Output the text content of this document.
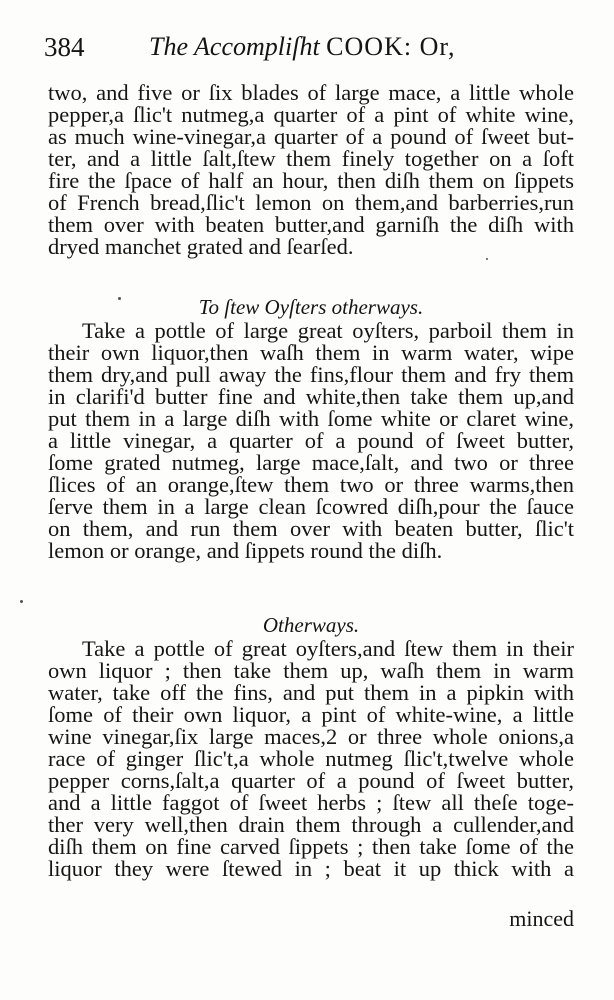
384 The Accompliſht COOK: Or,
two, and five or ſix blades of large mace, a little whole
pepper,a ſlic't nutmeg,a quarter of a pint of white wine,
as much wine-vinegar,a quarter of a pound of ſweet but-
ter, and a little ſalt,ſtew them finely together on a ſoft
fire the ſpace of half an hour, then diſh them on ſippets
of French bread,ſlic't lemon on them,and barberries,run
them over with beaten butter,and garniſh the diſh with
dryed manchet grated and ſearſed.
To ſtew Oyſters otherways.
Take a pottle of large great oyſters, parboil them in
their own liquor,then waſh them in warm water, wipe
them dry,and pull away the fins,flour them and fry them
in clarifi'd butter fine and white,then take them up,and
put them in a large diſh with ſome white or claret wine,
a little vinegar, a quarter of a pound of ſweet butter,
ſome grated nutmeg, large mace,ſalt, and two or three
ſlices of an orange,ſtew them two or three warms,then
ſerve them in a large clean ſcowred diſh,pour the ſauce
on them, and run them over with beaten butter, ſlic't
lemon or orange, and ſippets round the diſh.
Otherways.
Take a pottle of great oyſters,and ſtew them in their
own liquor ; then take them up, waſh them in warm
water, take off the fins, and put them in a pipkin with
ſome of their own liquor, a pint of white-wine, a little
wine vinegar,ſix large maces,2 or three whole onions,a
race of ginger ſlic't,a whole nutmeg ſlic't,twelve whole
pepper corns,ſalt,a quarter of a pound of ſweet butter,
and a little faggot of ſweet herbs ; ſtew all theſe toge-
ther very well,then drain them through a cullender,and
diſh them on fine carved ſippets ; then take ſome of the
liquor they were ſtewed in ; beat it up thick with a
minced
